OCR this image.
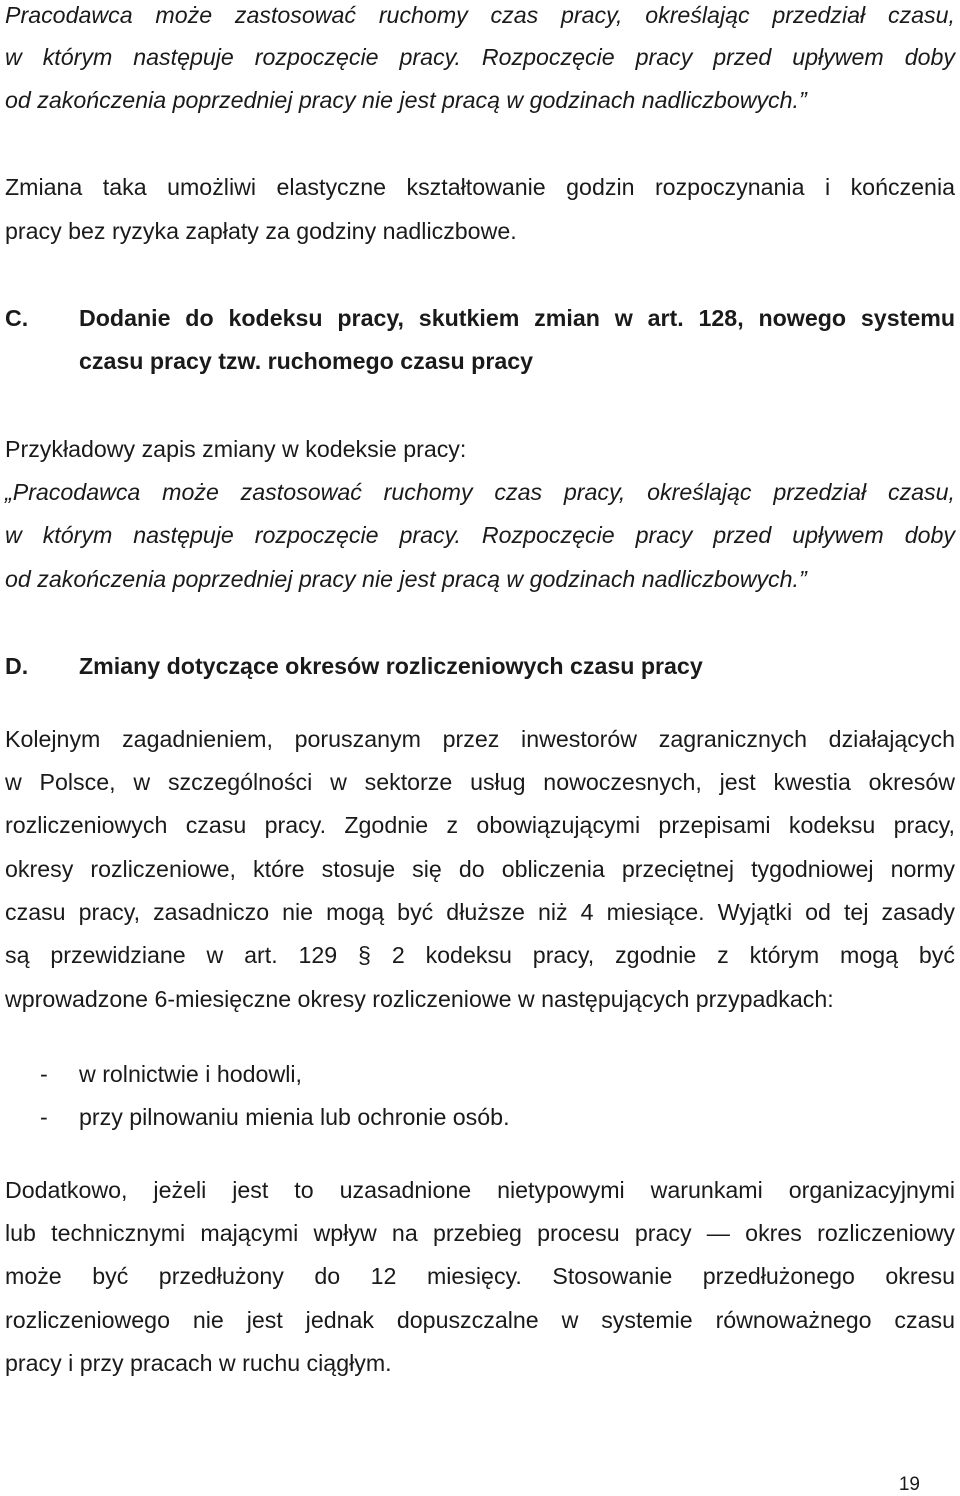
Pracodawca może zastosować ruchomy czas pracy, określając przedział czasu,
w którym następuje rozpoczęcie pracy. Rozpoczęcie pracy przed upływem doby
od zakończenia poprzedniej pracy nie jest pracą w godzinach nadliczbowych.”
Zmiana taka umożliwi elastyczne kształtowanie godzin rozpoczynania i kończenia
pracy bez ryzyka zapłaty za godziny nadliczbowe.
C. Dodanie do kodeksu pracy, skutkiem zmian w art. 128, nowego systemu
czasu pracy tzw. ruchomego czasu pracy
Przykładowy zapis zmiany w kodeksie pracy:
„Pracodawca może zastosować ruchomy czas pracy, określając przedział czasu,
w którym następuje rozpoczęcie pracy. Rozpoczęcie pracy przed upływem doby
od zakończenia poprzedniej pracy nie jest pracą w godzinach nadliczbowych.”
D. Zmiany dotyczące okresów rozliczeniowych czasu pracy
Kolejnym zagadnieniem, poruszanym przez inwestorów zagranicznych działających
w Polsce, w szczególności w sektorze usług nowoczesnych, jest kwestia okresów
rozliczeniowych czasu pracy. Zgodnie z obowiązującymi przepisami kodeksu pracy,
okresy rozliczeniowe, które stosuje się do obliczenia przeciętnej tygodniowej normy
czasu pracy, zasadniczo nie mogą być dłuższe niż 4 miesiące. Wyjątki od tej zasady
są przewidziane w art. 129 § 2 kodeksu pracy, zgodnie z którym mogą być
wprowadzone 6-miesięczne okresy rozliczeniowe w następujących przypadkach:
- w rolnictwie i hodowli,
- przy pilnowaniu mienia lub ochronie osób.
Dodatkowo, jeżeli jest to uzasadnione nietypowymi warunkami organizacyjnymi
lub technicznymi mającymi wpływ na przebieg procesu pracy — okres rozliczeniowy
może być przedłużony do 12 miesięcy. Stosowanie przedłużonego okresu
rozliczeniowego nie jest jednak dopuszczalne w systemie równoważnego czasu
pracy i przy pracach w ruchu ciągłym.
19
